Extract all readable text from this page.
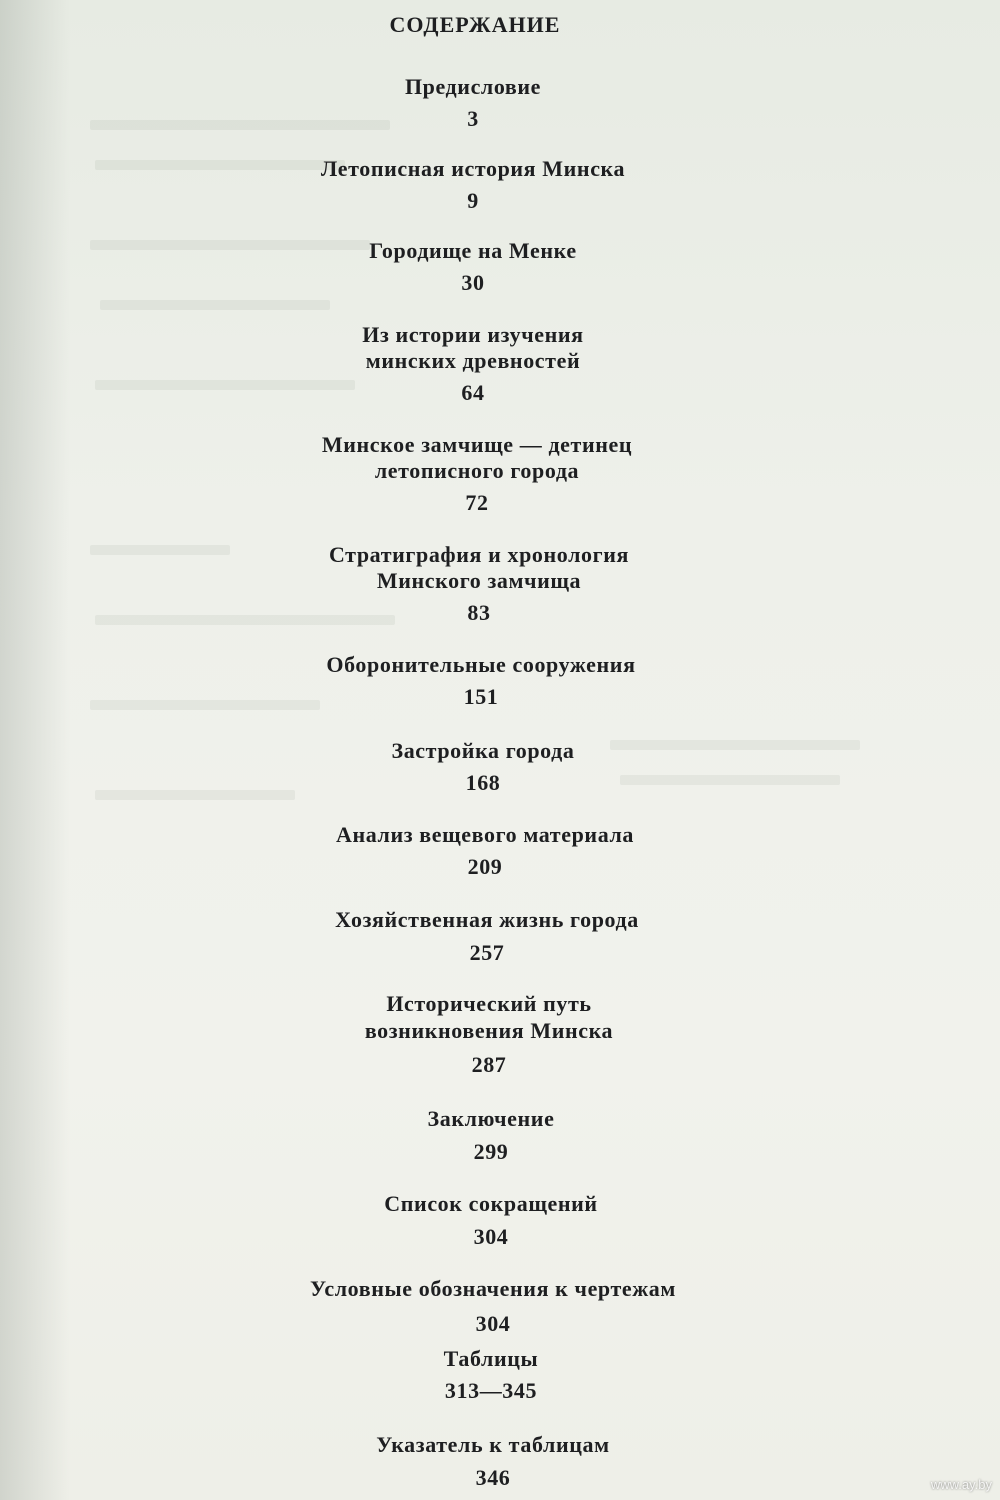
СОДЕРЖАНИЕ
Предисловие
3
Летописная история Минска
9
Городище на Менке
30
Из истории изучения
минских древностей
64
Минское замчище — детинец
летописного города
72
Стратиграфия и хронология
Минского замчища
83
Оборонительные сооружения
151
Застройка города
168
Анализ вещевого материала
209
Хозяйственная жизнь города
257
Исторический путь
возникновения Минска
287
Заключение
299
Список сокращений
304
Условные обозначения к чертежам
304
Таблицы
313—345
Указатель к таблицам
346	www.ay.by
